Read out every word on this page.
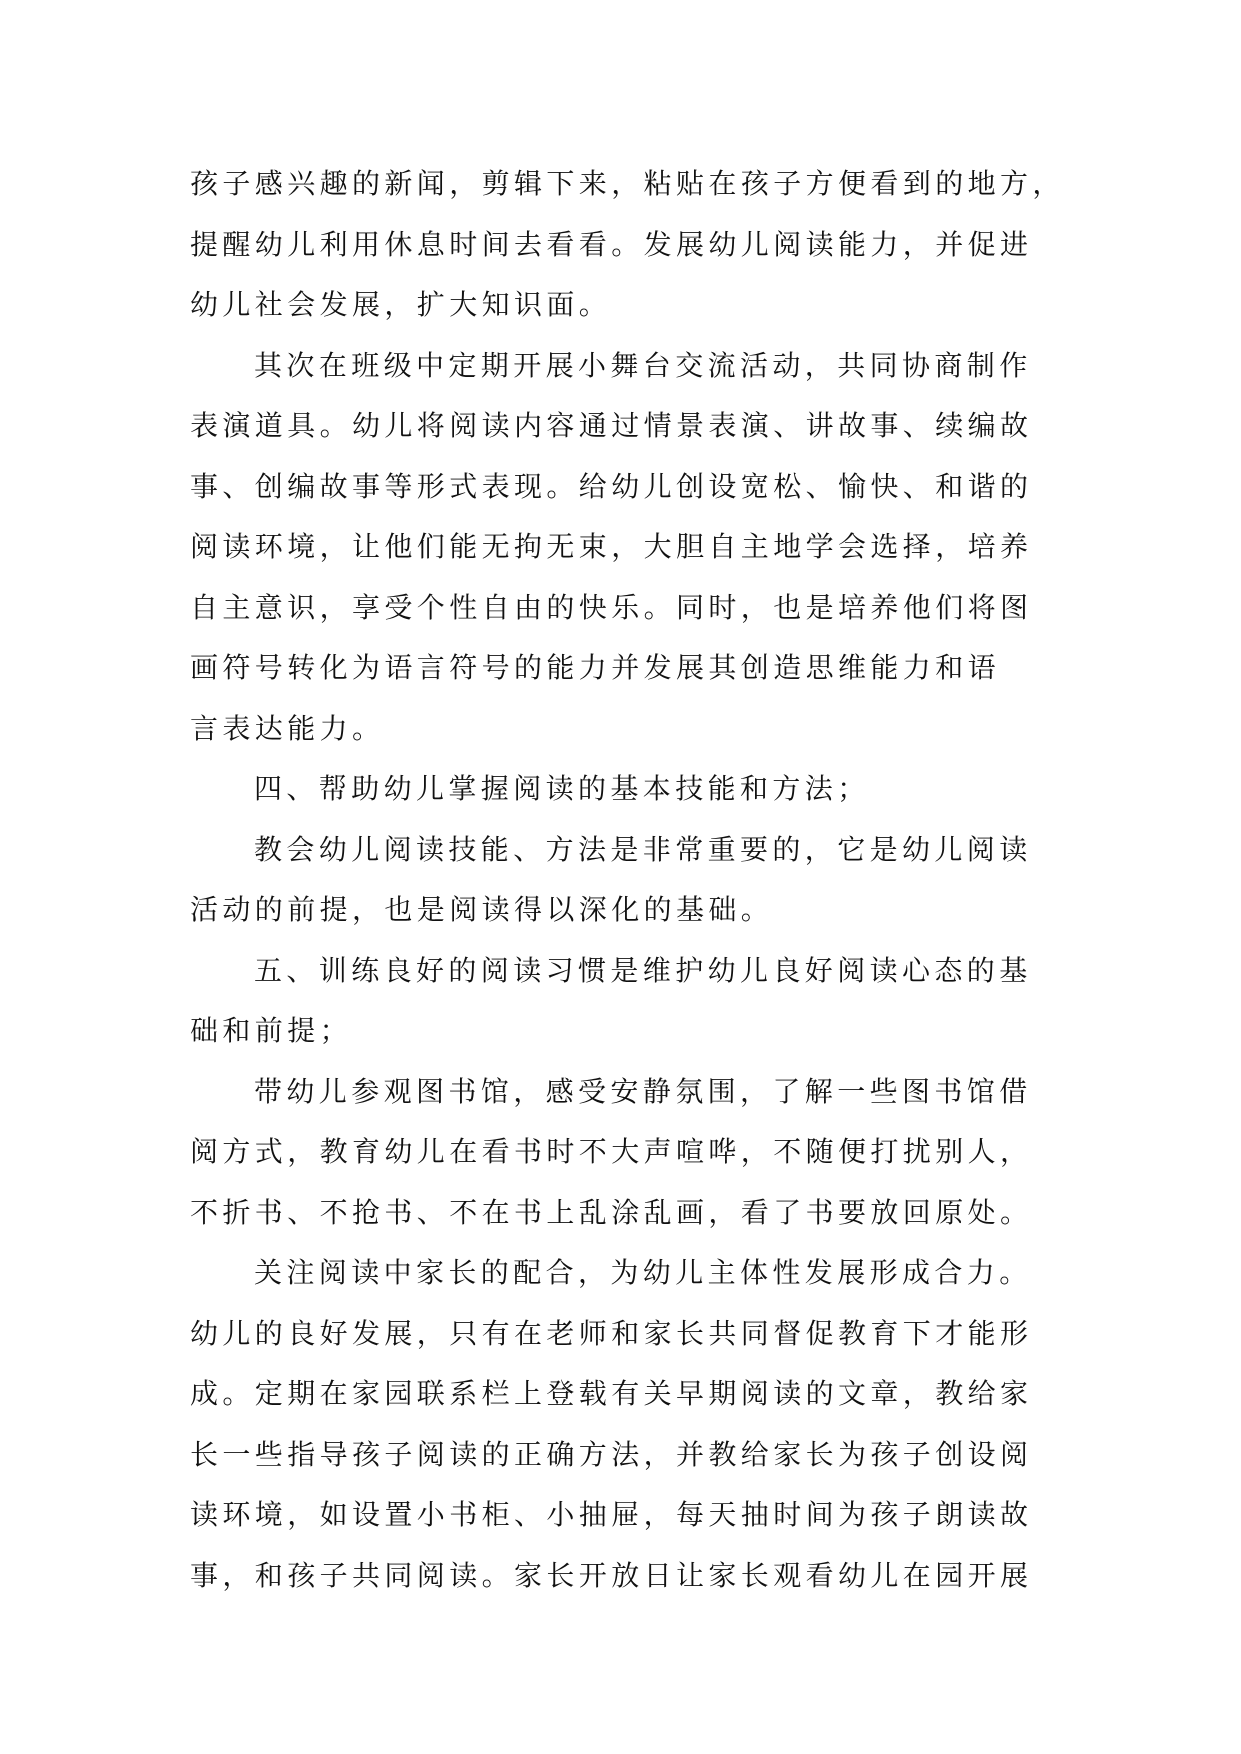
孩子感兴趣的新闻，剪辑下来，粘贴在孩子方便看到的地方，
提醒幼儿利用休息时间去看看。发展幼儿阅读能力，并促进
幼儿社会发展，扩大知识面。
其次在班级中定期开展小舞台交流活动，共同协商制作
表演道具。幼儿将阅读内容通过情景表演、讲故事、续编故
事、创编故事等形式表现。给幼儿创设宽松、愉快、和谐的
阅读环境，让他们能无拘无束，大胆自主地学会选择，培养
自主意识，享受个性自由的快乐。同时，也是培养他们将图
画符号转化为语言符号的能力并发展其创造思维能力和语
言表达能力。
四、帮助幼儿掌握阅读的基本技能和方法；
教会幼儿阅读技能、方法是非常重要的，它是幼儿阅读
活动的前提，也是阅读得以深化的基础。
五、训练良好的阅读习惯是维护幼儿良好阅读心态的基
础和前提；
带幼儿参观图书馆，感受安静氛围，了解一些图书馆借
阅方式，教育幼儿在看书时不大声喧哗，不随便打扰别人，
不折书、不抢书、不在书上乱涂乱画，看了书要放回原处。
关注阅读中家长的配合，为幼儿主体性发展形成合力。
幼儿的良好发展，只有在老师和家长共同督促教育下才能形
成。定期在家园联系栏上登载有关早期阅读的文章，教给家
长一些指导孩子阅读的正确方法，并教给家长为孩子创设阅
读环境，如设置小书柜、小抽屉，每天抽时间为孩子朗读故
事，和孩子共同阅读。家长开放日让家长观看幼儿在园开展
